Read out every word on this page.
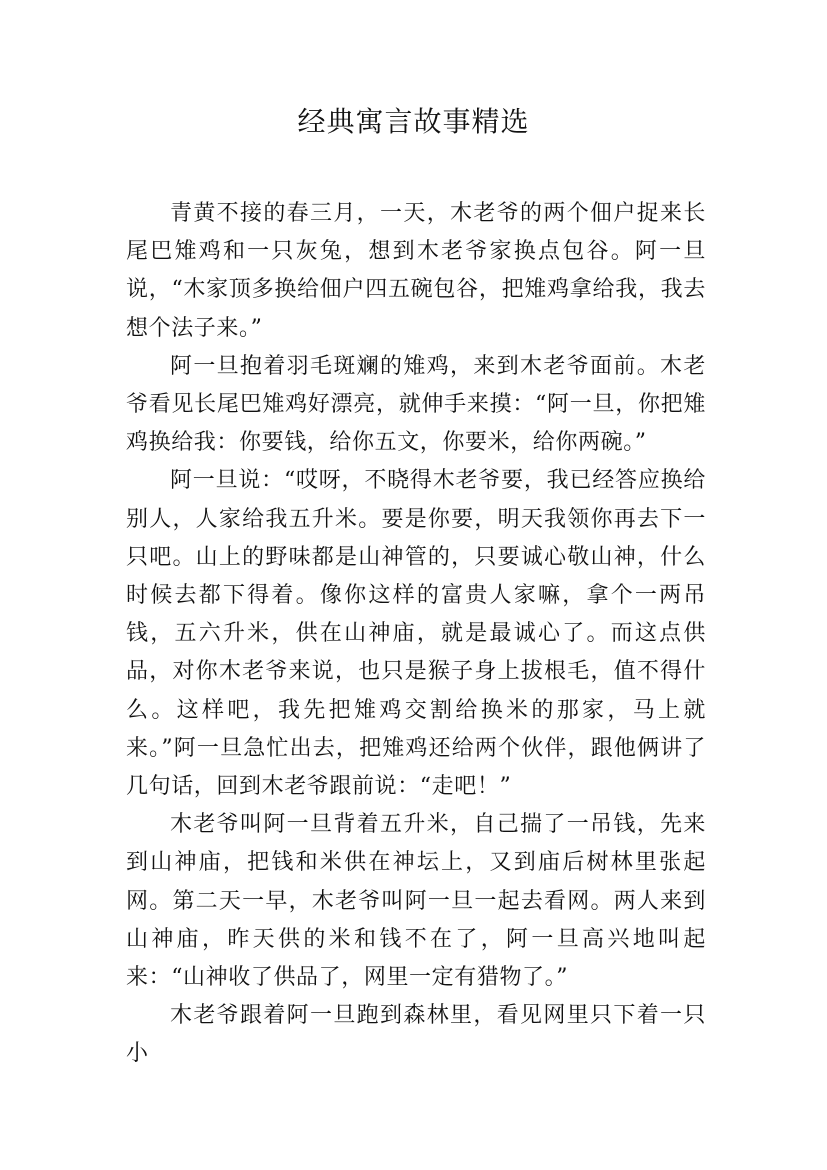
经典寓言故事精选

青黄不接的春三月，一天，木老爷的两个佃户捉来长尾巴雉鸡和一只灰兔，想到木老爷家换点包谷。阿一旦说，“木家顶多换给佃户四五碗包谷，把雉鸡拿给我，我去想个法子来。”

阿一旦抱着羽毛斑斓的雉鸡，来到木老爷面前。木老爷看见长尾巴雉鸡好漂亮，就伸手来摸：“阿一旦，你把雉鸡换给我：你要钱，给你五文，你要米，给你两碗。”

阿一旦说：“哎呀，不晓得木老爷要，我已经答应换给别人，人家给我五升米。要是你要，明天我领你再去下一只吧。山上的野味都是山神管的，只要诚心敬山神，什么时候去都下得着。像你这样的富贵人家嘛，拿个一两吊钱，五六升米，供在山神庙，就是最诚心了。而这点供品，对你木老爷来说，也只是猴子身上拔根毛，值不得什么。这样吧，我先把雉鸡交割给换米的那家，马上就来。”阿一旦急忙出去，把雉鸡还给两个伙伴，跟他俩讲了几句话，回到木老爷跟前说：“走吧！”

木老爷叫阿一旦背着五升米，自己揣了一吊钱，先来到山神庙，把钱和米供在神坛上，又到庙后树林里张起网。第二天一早，木老爷叫阿一旦一起去看网。两人来到山神庙，昨天供的米和钱不在了，阿一旦高兴地叫起来：“山神收了供品了，网里一定有猎物了。”

木老爷跟着阿一旦跑到森林里，看见网里只下着一只小
